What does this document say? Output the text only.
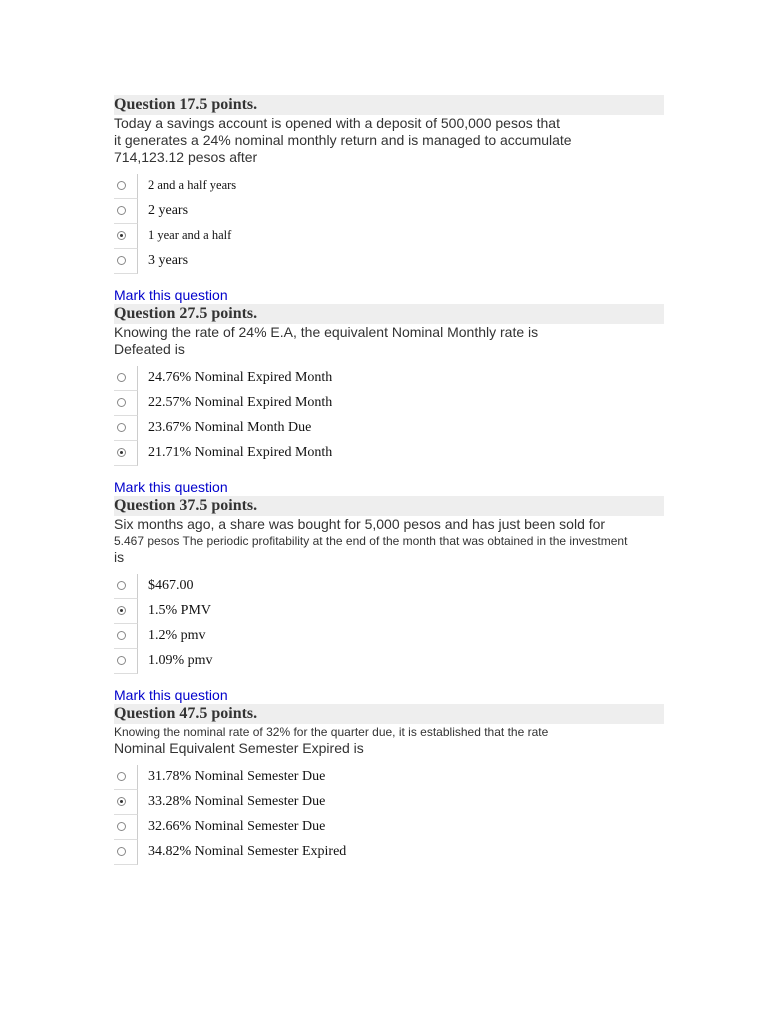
Question 17.5 points.
Today a savings account is opened with a deposit of 500,000 pesos that
it generates a 24% nominal monthly return and is managed to accumulate
714,123.12 pesos after
2 and a half years
2 years
1 year and a half
3 years
Mark this question
Question 27.5 points.
Knowing the rate of 24% E.A, the equivalent Nominal Monthly rate is
Defeated is
24.76% Nominal Expired Month
22.57% Nominal Expired Month
23.67% Nominal Month Due
21.71% Nominal Expired Month
Mark this question
Question 37.5 points.
Six months ago, a share was bought for 5,000 pesos and has just been sold for
5.467 pesos The periodic profitability at the end of the month that was obtained in the investment
is
$467.00
1.5% PMV
1.2% pmv
1.09% pmv
Mark this question
Question 47.5 points.
Knowing the nominal rate of 32% for the quarter due, it is established that the rate
Nominal Equivalent Semester Expired is
31.78% Nominal Semester Due
33.28% Nominal Semester Due
32.66% Nominal Semester Due
34.82% Nominal Semester Expired
